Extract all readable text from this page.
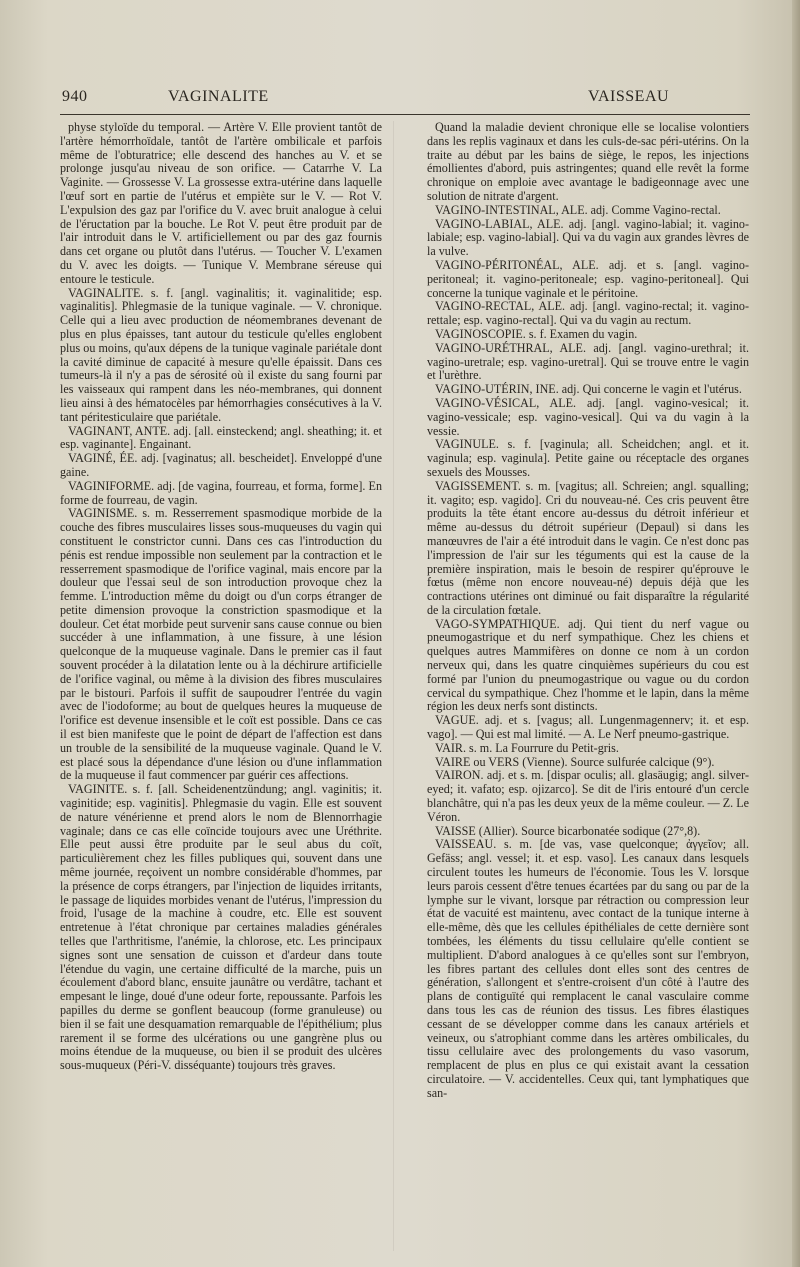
940	VAGINALITE	VAISSEAU

physe styloïde du temporal. — Artère V. Elle provient tantôt de l'artère hémorrhoïdale, tantôt de l'artère ombilicale et parfois même de l'obturatrice; elle descend des hanches au V. et se prolonge jusqu'au niveau de son orifice. — Catarrhe V. La Vaginite. — Grossesse V. La grossesse extra-utérine dans laquelle l'œuf sort en partie de l'utérus et empiète sur le V. — Rot V. L'expulsion des gaz par l'orifice du V. avec bruit analogue à celui de l'éructation par la bouche. Le Rot V. peut être produit par de l'air introduit dans le V. artificiellement ou par des gaz fournis dans cet organe ou plutôt dans l'utérus. — Toucher V. L'examen du V. avec les doigts. — Tunique V. Membrane séreuse qui entoure le testicule.

VAGINALITE. s. f. [angl. vaginalitis; it. vaginalitide; esp. vaginalitis]. Phlegmasie de la tunique vaginale. — V. chronique. Celle qui a lieu avec production de néomembranes devenant de plus en plus épaisses, tant autour du testicule qu'elles englobent plus ou moins, qu'aux dépens de la tunique vaginale pariétale dont la cavité diminue de capacité à mesure qu'elle épaissit. Dans ces tumeurs-là il n'y a pas de sérosité où il existe du sang fourni par les vaisseaux qui rampent dans les néo-membranes, qui donnent lieu ainsi à des hématocèles par hémorrhagies consécutives à la V. tant péritesticulaire que pariétale.

VAGINANT, ANTE. adj. [all. einsteckend; angl. sheathing; it. et esp. vaginante]. Engainant.

VAGINÉ, ÉE. adj. [vaginatus; all. bescheidet]. Enveloppé d'une gaine.

VAGINIFORME. adj. [de vagina, fourreau, et forma, forme]. En forme de fourreau, de vagin.

VAGINISME. s. m. Resserrement spasmodique morbide de la couche des fibres musculaires lisses sous-muqueuses du vagin qui constituent le constrictor cunni. Dans ces cas l'introduction du pénis est rendue impossible non seulement par la contraction et le resserrement spasmodique de l'orifice vaginal, mais encore par la douleur que l'essai seul de son introduction provoque chez la femme. L'introduction même du doigt ou d'un corps étranger de petite dimension provoque la constriction spasmodique et la douleur. Cet état morbide peut survenir sans cause connue ou bien succéder à une inflammation, à une fissure, à une lésion quelconque de la muqueuse vaginale. Dans le premier cas il faut souvent procéder à la dilatation lente ou à la déchirure artificielle de l'orifice vaginal, ou même à la division des fibres musculaires par le bistouri. Parfois il suffit de saupoudrer l'entrée du vagin avec de l'iodoforme; au bout de quelques heures la muqueuse de l'orifice est devenue insensible et le coït est possible. Dans ce cas il est bien manifeste que le point de départ de l'affection est dans un trouble de la sensibilité de la muqueuse vaginale. Quand le V. est placé sous la dépendance d'une lésion ou d'une inflammation de la muqueuse il faut commencer par guérir ces affections.

VAGINITE. s. f. [all. Scheidenentzündung; angl. vaginitis; it. vaginitide; esp. vaginitis]. Phlegmasie du vagin. Elle est souvent de nature vénérienne et prend alors le nom de Blennorrhagie vaginale; dans ce cas elle coïncide toujours avec une Uréthrite. Elle peut aussi être produite par le seul abus du coït, particulièrement chez les filles publiques qui, souvent dans une même journée, reçoivent un nombre considérable d'hommes, par la présence de corps étrangers, par l'injection de liquides irritants, le passage de liquides morbides venant de l'utérus, l'impression du froid, l'usage de la machine à coudre, etc. Elle est souvent entretenue à l'état chronique par certaines maladies générales telles que l'arthritisme, l'anémie, la chlorose, etc. Les principaux signes sont une sensation de cuisson et d'ardeur dans toute l'étendue du vagin, une certaine difficulté de la marche, puis un écoulement d'abord blanc, ensuite jaunâtre ou verdâtre, tachant et empesant le linge, doué d'une odeur forte, repoussante. Parfois les papilles du derme se gonflent beaucoup (forme granuleuse) ou bien il se fait une desquamation remarquable de l'épithélium; plus rarement il se forme des ulcérations ou une gangrène plus ou moins étendue de la muqueuse, ou bien il se produit des ulcères sous-muqueux (Péri-V. disséquante) toujours très graves.

Quand la maladie devient chronique elle se localise volontiers dans les replis vaginaux et dans les culs-de-sac péri-utérins. On la traite au début par les bains de siège, le repos, les injections émollientes d'abord, puis astringentes; quand elle revêt la forme chronique on emploie avec avantage le badigeonnage avec une solution de nitrate d'argent.

VAGINO-INTESTINAL, ALE. adj. Comme Vagino-rectal.

VAGINO-LABIAL, ALE. adj. [angl. vagino-labial; it. vagino-labiale; esp. vagino-labial]. Qui va du vagin aux grandes lèvres de la vulve.

VAGINO-PÉRITONÉAL, ALE. adj. et s. [angl. vagino-peritoneal; it. vagino-peritoneale; esp. vagino-peritoneal]. Qui concerne la tunique vaginale et le péritoine.

VAGINO-RECTAL, ALE. adj. [angl. vagino-rectal; it. vagino-rettale; esp. vagino-rectal]. Qui va du vagin au rectum.

VAGINOSCOPIE. s. f. Examen du vagin.

VAGINO-URÉTHRAL, ALE. adj. [angl. vagino-urethral; it. vagino-uretrale; esp. vagino-uretral]. Qui se trouve entre le vagin et l'urèthre.

VAGINO-UTÉRIN, INE. adj. Qui concerne le vagin et l'utérus.

VAGINO-VÉSICAL, ALE. adj. [angl. vagino-vesical; it. vagino-vessicale; esp. vagino-vesical]. Qui va du vagin à la vessie.

VAGINULE. s. f. [vaginula; all. Scheidchen; angl. et it. vaginula; esp. vaginula]. Petite gaine ou réceptacle des organes sexuels des Mousses.

VAGISSEMENT. s. m. [vagitus; all. Schreien; angl. squalling; it. vagito; esp. vagido]. Cri du nouveau-né. Ces cris peuvent être produits la tête étant encore au-dessus du détroit inférieur et même au-dessus du détroit supérieur (Depaul) si dans les manœuvres de l'air a été introduit dans le vagin. Ce n'est donc pas l'impression de l'air sur les téguments qui est la cause de la première inspiration, mais le besoin de respirer qu'éprouve le fœtus (même non encore nouveau-né) depuis déjà que les contractions utérines ont diminué ou fait disparaître la régularité de la circulation fœtale.

VAGO-SYMPATHIQUE. adj. Qui tient du nerf vague ou pneumogastrique et du nerf sympathique. Chez les chiens et quelques autres Mammifères on donne ce nom à un cordon nerveux qui, dans les quatre cinquièmes supérieurs du cou est formé par l'union du pneumogastrique ou vague ou du cordon cervical du sympathique. Chez l'homme et le lapin, dans la même région les deux nerfs sont distincts.

VAGUE. adj. et s. [vagus; all. Lungenmagennerv; it. et esp. vago]. — Qui est mal limité. — A. Le Nerf pneumo-gastrique.

VAIR. s. m. La Fourrure du Petit-gris.

VAIRE ou VERS (Vienne). Source sulfurée calcique (9°).

VAIRON. adj. et s. m. [dispar oculis; all. glasäugig; angl. silver-eyed; it. vafato; esp. ojizarco]. Se dit de l'iris entouré d'un cercle blanchâtre, qui n'a pas les deux yeux de la même couleur. — Z. Le Véron.

VAISSE (Allier). Source bicarbonatée sodique (27°,8).

VAISSEAU. s. m. [de vas, vase quelconque; ἀγγεῖον; all. Gefäss; angl. vessel; it. et esp. vaso]. Les canaux dans lesquels circulent toutes les humeurs de l'économie. Tous les V. lorsque leurs parois cessent d'être tenues écartées par du sang ou par de la lymphe sur le vivant, lorsque par rétraction ou compression leur état de vacuité est maintenu, avec contact de la tunique interne à elle-même, dès que les cellules épithéliales de cette dernière sont tombées, les éléments du tissu cellulaire qu'elle contient se multiplient. D'abord analogues à ce qu'elles sont sur l'embryon, les fibres partant des cellules dont elles sont des centres de génération, s'allongent et s'entre-croisent d'un côté à l'autre des plans de contiguïté qui remplacent le canal vasculaire comme dans tous les cas de réunion des tissus. Les fibres élastiques cessant de se développer comme dans les canaux artériels et veineux, ou s'atrophiant comme dans les artères ombilicales, du tissu cellulaire avec des prolongements du vaso vasorum, remplacent de plus en plus ce qui existait avant la cessation circulatoire. — V. accidentelles. Ceux qui, tant lymphatiques que san-
